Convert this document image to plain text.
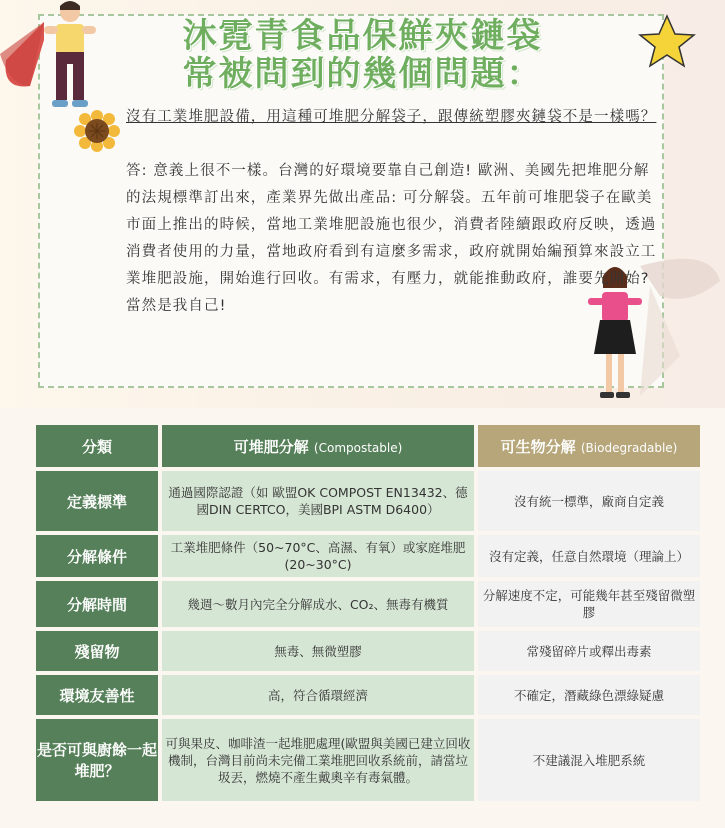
沐霓青食品保鮮夾鏈袋
常被問到的幾個問題：
沒有工業堆肥設備，用這種可堆肥分解袋子，跟傳統塑膠夾鏈袋不是一樣嗎？
答: 意義上很不一樣。台灣的好環境要靠自己創造! 歐洲、美國先把堆肥分解的法規標準訂出來，產業界先做出產品: 可分解袋。五年前可堆肥袋子在歐美市面上推出的時候，當地工業堆肥設施也很少，消費者陸續跟政府反映，透過消費者使用的力量，當地政府看到有這麼多需求，政府就開始編預算來設立工業堆肥設施，開始進行回收。有需求，有壓力，就能推動政府，誰要先開始? 當然是我自己!
分類	可堆肥分解 (Compostable)	可生物分解 (Biodegradable)
定義標準	通過國際認證（如 歐盟OK COMPOST EN13432、德國DIN CERTCO，美國BPI ASTM D6400）	沒有統一標準，廠商自定義
分解條件	工業堆肥條件（50~70°C、高濕、有氧）或家庭堆肥(20~30°C)	沒有定義，任意自然環境（理論上）
分解時間	幾週～數月內完全分解成水、CO₂、無毒有機質	分解速度不定，可能幾年甚至殘留微塑膠
殘留物	無毒、無微塑膠	常殘留碎片或釋出毒素
環境友善性	高，符合循環經濟	不確定，潛藏綠色漂綠疑慮
是否可與廚餘一起堆肥？	可與果皮、咖啡渣一起堆肥處理(歐盟與美國已建立回收機制，台灣目前尚未完備工業堆肥回收系統前，請當垃圾丟，燃燒不產生戴奧辛有毒氣體。	不建議混入堆肥系統
